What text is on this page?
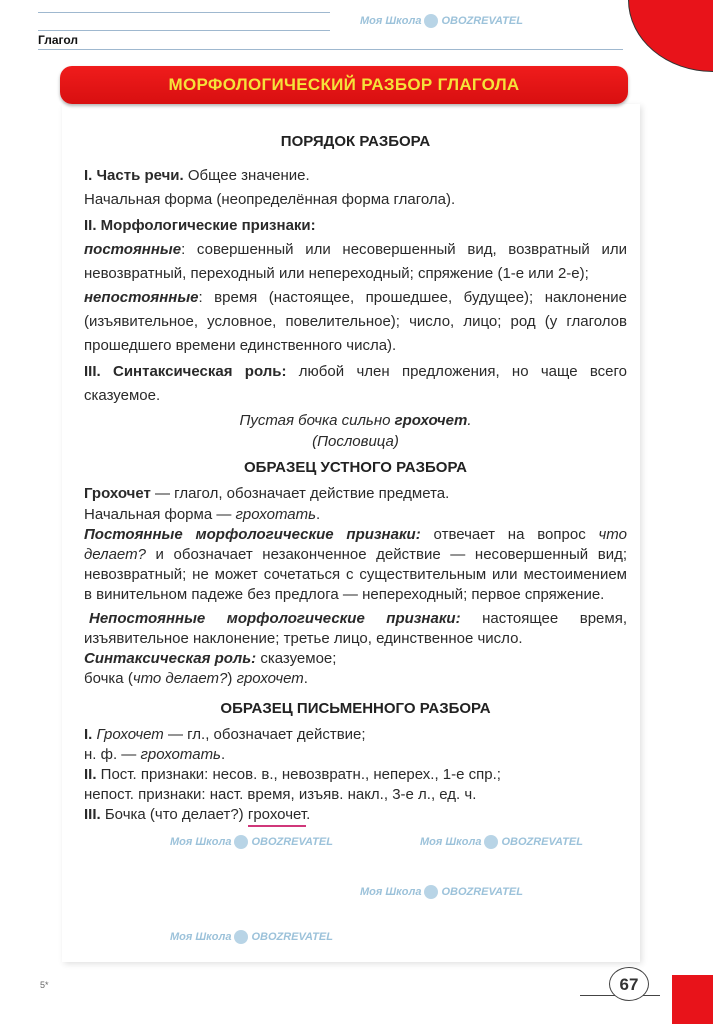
Глагол
МОРФОЛОГИЧЕСКИЙ РАЗБОР ГЛАГОЛА
Моя Школа OBOZREVATEL
Моя Школа OBOZREVATEL	Моя Школа OBOZREVATEL
Моя Школа OBOZREVATEL
Моя Школа OBOZREVATEL
ПОРЯДОК РАЗБОРА

I. Часть речи. Общее значение.

Начальная форма (неопределённая форма глагола).

II. Морфологические признаки:

постоянные: совершенный или несовершенный вид, возвратный или невозвратный, переходный или непереходный; спряжение (1-е или 2-е);

непостоянные: время (настоящее, прошедшее, будущее); наклонение (изъявительное, условное, повелительное); число, лицо; род (у глаголов прошедшего времени единственного числа).

III. Синтаксическая роль: любой член предложения, но чаще всего сказуемое.

Пустая бочка сильно грохочет.

(Пословица)

ОБРАЗЕЦ УСТНОГО РАЗБОРА

Грохочет — глагол, обозначает действие предмета.

Начальная форма — грохотать.

Постоянные морфологические признаки: отвечает на вопрос что делает? и обозначает незаконченное действие — несовершенный вид; невозвратный; не может сочетаться с существительным или местоимением в винительном падеже без предлога — непереходный; первое спряжение.

Непостоянные морфологические признаки: настоящее время, изъявительное наклонение; третье лицо, единственное число.

Синтаксическая роль: сказуемое;

бочка (что делает?) грохочет.

ОБРАЗЕЦ ПИСЬМЕННОГО РАЗБОРА

I. Грохочет — гл., обозначает действие;

н. ф. — грохотать.

II. Пост. признаки: несов. в., невозвратн., неперех., 1-е спр.;

непост. признаки: наст. время, изъяв. накл., 3-е л., ед. ч.

III. Бочка (что делает?) грохочет.

5*	67
